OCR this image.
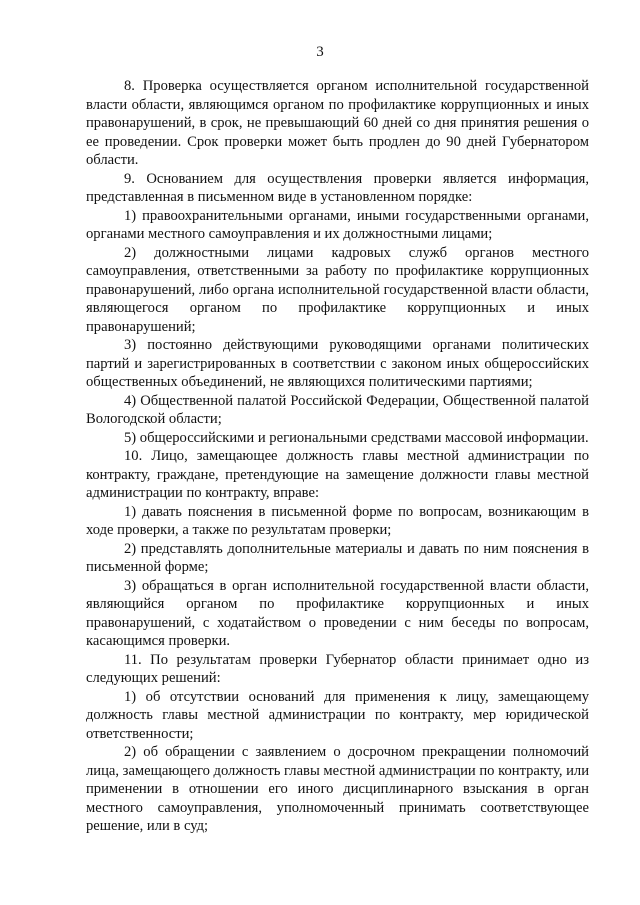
3

8. Проверка осуществляется органом исполнительной государственной власти области, являющимся органом по профилактике коррупционных и иных правонарушений, в срок, не превышающий 60 дней со дня принятия решения о ее проведении. Срок проверки может быть продлен до 90 дней Губернатором области.

9. Основанием для осуществления проверки является информация, представленная в письменном виде в установленном порядке:

1) правоохранительными органами, иными государственными органами, органами местного самоуправления и их должностными лицами;

2) должностными лицами кадровых служб органов местного самоуправления, ответственными за работу по профилактике коррупционных правонарушений, либо органа исполнительной государственной власти области, являющегося органом по профилактике коррупционных и иных правонарушений;

3) постоянно действующими руководящими органами политических партий и зарегистрированных в соответствии с законом иных общероссийских общественных объединений, не являющихся политическими партиями;

4) Общественной палатой Российской Федерации, Общественной палатой Вологодской области;

5) общероссийскими и региональными средствами массовой информации.

10. Лицо, замещающее должность главы местной администрации по контракту, граждане, претендующие на замещение должности главы местной администрации по контракту, вправе:

1) давать пояснения в письменной форме по вопросам, возникающим в ходе проверки, а также по результатам проверки;

2) представлять дополнительные материалы и давать по ним пояснения в письменной форме;

3) обращаться в орган исполнительной государственной власти области, являющийся органом по профилактике коррупционных и иных правонарушений, с ходатайством о проведении с ним беседы по вопросам, касающимся проверки.

11. По результатам проверки Губернатор области принимает одно из следующих решений:

1) об отсутствии оснований для применения к лицу, замещающему должность главы местной администрации по контракту, мер юридической ответственности;

2) об обращении с заявлением о досрочном прекращении полномочий лица, замещающего должность главы местной администрации по контракту, или применении в отношении его иного дисциплинарного взыскания в орган местного самоуправления, уполномоченный принимать соответствующее решение, или в суд;
